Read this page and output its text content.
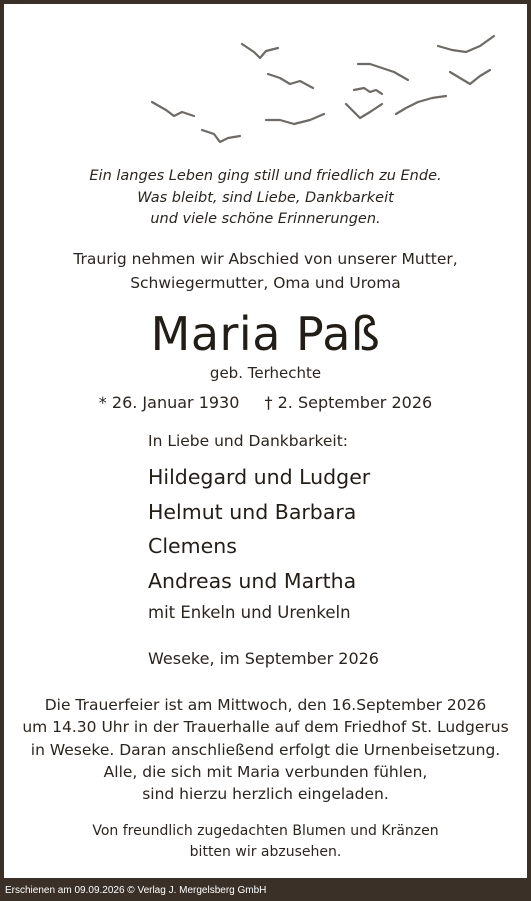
Ein langes Leben ging still und friedlich zu Ende.
Was bleibt, sind Liebe, Dankbarkeit
und viele schöne Erinnerungen.
Traurig nehmen wir Abschied von unserer Mutter,
Schwiegermutter, Oma und Uroma
Maria Paß
geb. Terhechte
* 26. Januar 1930 † 2. September 2026
In Liebe und Dankbarkeit:
Hildegard und Ludger
Helmut und Barbara
Clemens
Andreas und Martha
mit Enkeln und Urenkeln
Weseke, im September 2026
Die Trauerfeier ist am Mittwoch, den 16.September 2026
um 14.30 Uhr in der Trauerhalle auf dem Friedhof St. Ludgerus
in Weseke. Daran anschließend erfolgt die Urnenbeisetzung.
Alle, die sich mit Maria verbunden fühlen,
sind hierzu herzlich eingeladen.
Von freundlich zugedachten Blumen und Kränzen
bitten wir abzusehen.
Erschienen am 09.09.2026 © Verlag J. Mergelsberg GmbH
